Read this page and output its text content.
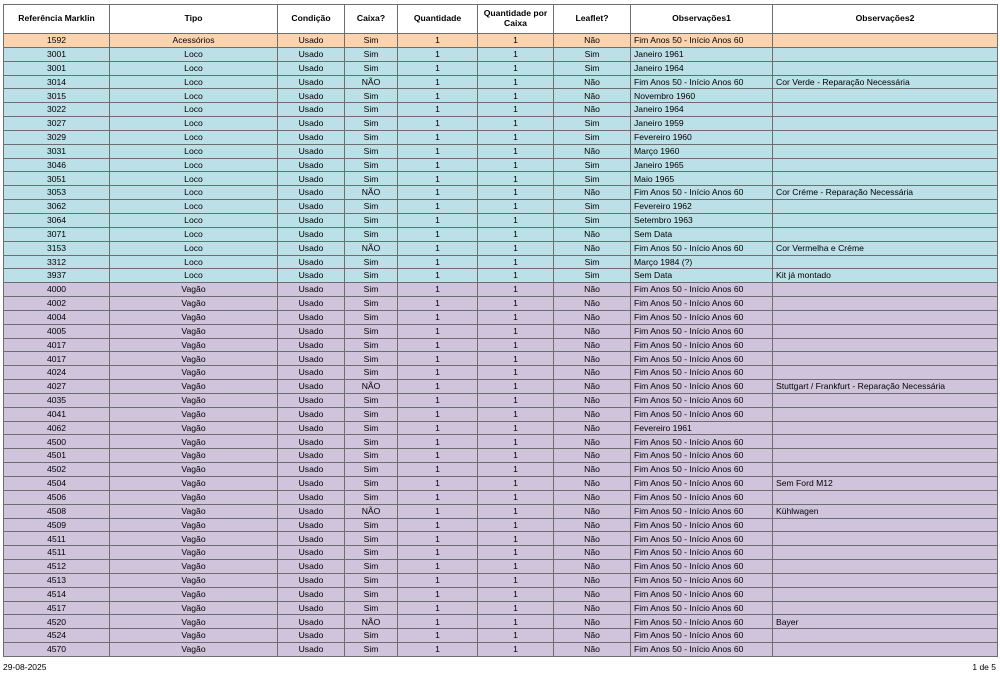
Referência Marklin	Tipo	Condição	Caixa?	Quantidade	Quantidade por Caixa	Leaflet?	Observações1	Observações2
1592	Acessórios	Usado	Sim	1	1	Não	Fim Anos 50 - Início Anos 60	
3001	Loco	Usado	Sim	1	1	Sim	Janeiro 1961	
3001	Loco	Usado	Sim	1	1	Sim	Janeiro 1964	
3014	Loco	Usado	NÃO	1	1	Não	Fim Anos 50 - Início Anos 60	Cor Verde - Reparação Necessária
3015	Loco	Usado	Sim	1	1	Não	Novembro 1960	
3022	Loco	Usado	Sim	1	1	Não	Janeiro 1964	
3027	Loco	Usado	Sim	1	1	Sim	Janeiro 1959	
3029	Loco	Usado	Sim	1	1	Sim	Fevereiro 1960	
3031	Loco	Usado	Sim	1	1	Não	Março 1960	
3046	Loco	Usado	Sim	1	1	Sim	Janeiro 1965	
3051	Loco	Usado	Sim	1	1	Sim	Maio 1965	
3053	Loco	Usado	NÃO	1	1	Não	Fim Anos 50 - Início Anos 60	Cor Créme - Reparação Necessária
3062	Loco	Usado	Sim	1	1	Sim	Fevereiro 1962	
3064	Loco	Usado	Sim	1	1	Sim	Setembro 1963	
3071	Loco	Usado	Sim	1	1	Não	Sem Data	
3153	Loco	Usado	NÃO	1	1	Não	Fim Anos 50 - Início Anos 60	Cor Vermelha e Créme
3312	Loco	Usado	Sim	1	1	Sim	Março 1984 (?)	
3937	Loco	Usado	Sim	1	1	Sim	Sem Data	Kit já montado
4000	Vagão	Usado	Sim	1	1	Não	Fim Anos 50 - Início Anos 60	
4002	Vagão	Usado	Sim	1	1	Não	Fim Anos 50 - Início Anos 60	
4004	Vagão	Usado	Sim	1	1	Não	Fim Anos 50 - Início Anos 60	
4005	Vagão	Usado	Sim	1	1	Não	Fim Anos 50 - Início Anos 60	
4017	Vagão	Usado	Sim	1	1	Não	Fim Anos 50 - Início Anos 60	
4017	Vagão	Usado	Sim	1	1	Não	Fim Anos 50 - Início Anos 60	
4024	Vagão	Usado	Sim	1	1	Não	Fim Anos 50 - Início Anos 60	
4027	Vagão	Usado	NÃO	1	1	Não	Fim Anos 50 - Início Anos 60	Stuttgart / Frankfurt - Reparação Necessária
4035	Vagão	Usado	Sim	1	1	Não	Fim Anos 50 - Início Anos 60	
4041	Vagão	Usado	Sim	1	1	Não	Fim Anos 50 - Início Anos 60	
4062	Vagão	Usado	Sim	1	1	Não	Fevereiro 1961	
4500	Vagão	Usado	Sim	1	1	Não	Fim Anos 50 - Início Anos 60	
4501	Vagão	Usado	Sim	1	1	Não	Fim Anos 50 - Início Anos 60	
4502	Vagão	Usado	Sim	1	1	Não	Fim Anos 50 - Início Anos 60	
4504	Vagão	Usado	Sim	1	1	Não	Fim Anos 50 - Início Anos 60	Sem Ford M12
4506	Vagão	Usado	Sim	1	1	Não	Fim Anos 50 - Início Anos 60	
4508	Vagão	Usado	NÃO	1	1	Não	Fim Anos 50 - Início Anos 60	Kühlwagen
4509	Vagão	Usado	Sim	1	1	Não	Fim Anos 50 - Início Anos 60	
4511	Vagão	Usado	Sim	1	1	Não	Fim Anos 50 - Início Anos 60	
4511	Vagão	Usado	Sim	1	1	Não	Fim Anos 50 - Início Anos 60	
4512	Vagão	Usado	Sim	1	1	Não	Fim Anos 50 - Início Anos 60	
4513	Vagão	Usado	Sim	1	1	Não	Fim Anos 50 - Início Anos 60	
4514	Vagão	Usado	Sim	1	1	Não	Fim Anos 50 - Início Anos 60	
4517	Vagão	Usado	Sim	1	1	Não	Fim Anos 50 - Início Anos 60	
4520	Vagão	Usado	NÃO	1	1	Não	Fim Anos 50 - Início Anos 60	Bayer
4524	Vagão	Usado	Sim	1	1	Não	Fim Anos 50 - Início Anos 60	
4570	Vagão	Usado	Sim	1	1	Não	Fim Anos 50 - Início Anos 60	
29-08-2025	1 de 5
